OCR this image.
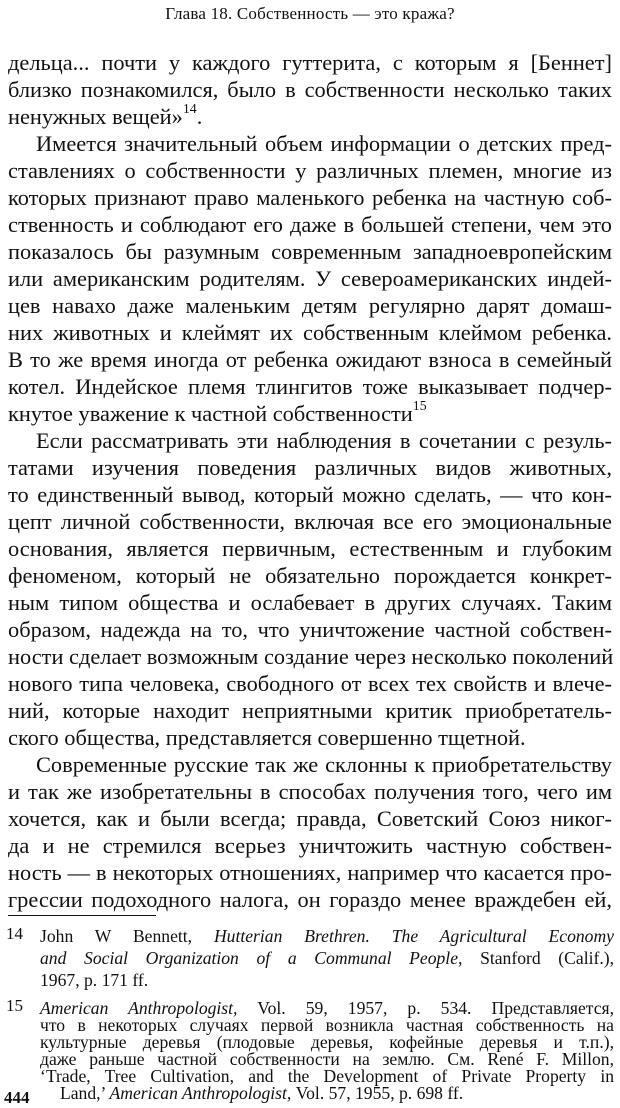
Глава 18. Собственность — это кража?
дельца... почти у каждого гуттерита, с которым я [Беннет]
близко познакомился, было в собственности несколько таких
ненужных вещей»$^{14}$.
Имеется значительный объем информации о детских пред-
ставлениях о собственности у различных племен, многие из
которых признают право маленького ребенка на частную соб-
ственность и соблюдают его даже в большей степени, чем это
показалось бы разумным современным западноевропейским
или американским родителям. У североамериканских индей-
цев навахо даже маленьким детям регулярно дарят домаш-
них животных и клеймят их собственным клеймом ребенка.
В то же время иногда от ребенка ожидают взноса в семейный
котел. Индейское племя тлингитов тоже выказывает подчер-
кнутое уважение к частной собственности$^{15}$
Если рассматривать эти наблюдения в сочетании с резуль-
татами изучения поведения различных видов животных,
то единственный вывод, который можно сделать, — что кон-
цепт личной собственности, включая все его эмоциональные
основания, является первичным, естественным и глубоким
феноменом, который не обязательно порождается конкрет-
ным типом общества и ослабевает в других случаях. Таким
образом, надежда на то, что уничтожение частной собствен-
ности сделает возможным создание через несколько поколений
нового типа человека, свободного от всех тех свойств и влече-
ний, которые находит неприятными критик приобретатель-
ского общества, представляется совершенно тщетной.
Современные русские так же склонны к приобретательству
и так же изобретательны в способах получения того, чего им
хочется, как и были всегда; правда, Советский Союз никог-
да и не стремился всерьез уничтожить частную собствен-
ность — в некоторых отношениях, например что касается про-
грессии подоходного налога, он гораздо менее враждебен ей,
14 John W Bennett, Hutterian Brethren. The Agricultural Economy
and Social Organization of a Communal People, Stanford (Calif.),
1967, p. 171 ff.
15 American Anthropologist, Vol. 59, 1957, p. 534. Представляется,
что в некоторых случаях первой возникла частная собственность на
культурные деревья (плодовые деревья, кофейные деревья и т.п.),
даже раньше частной собственности на землю. См. René F. Millon,
444
‘Trade, Tree Cultivation, and the Development of Private Property in
Land,’ American Anthropologist, Vol. 57, 1955, p. 698 ff.
